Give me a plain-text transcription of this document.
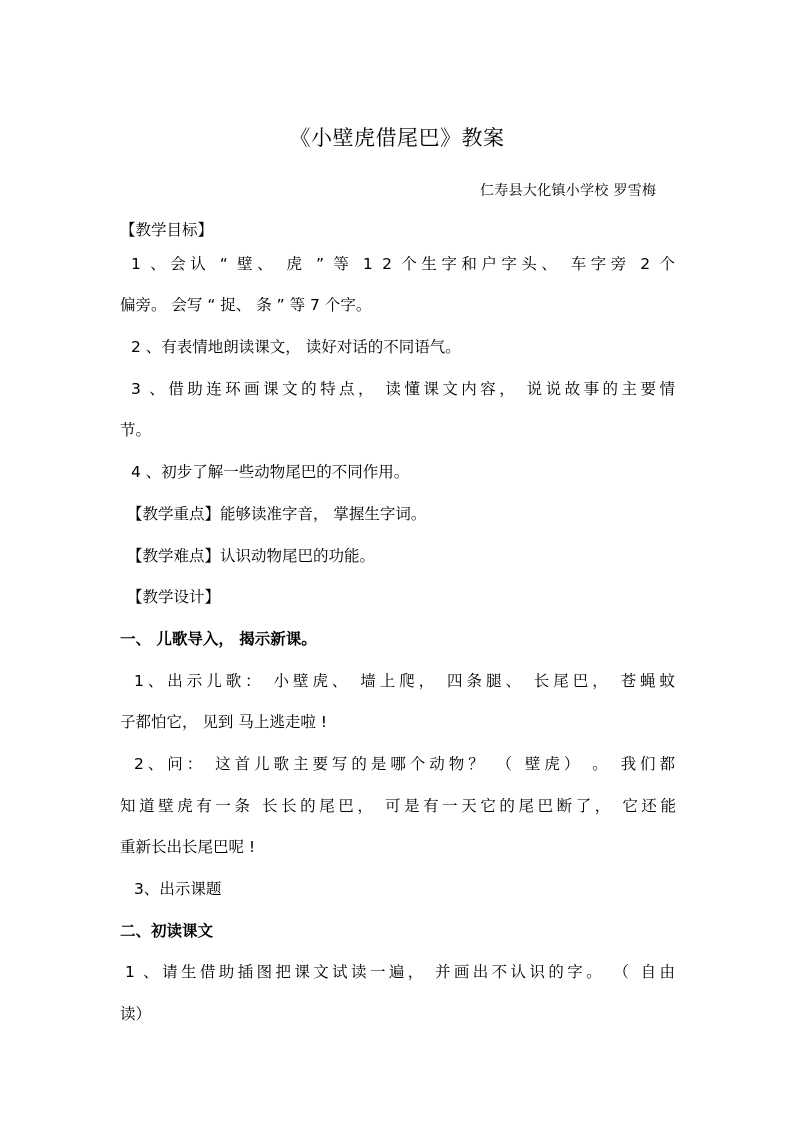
《小壁虎借尾巴》教案
仁寿县大化镇小学校 罗雪梅
【教学目标】
1 、会认 “ 壁、 虎 ” 等 1 2 个生字和户字头、 车字旁 2 个
偏旁。 会写 “ 捉、 条 ” 等 7 个字。
2 、有表情地朗读课文， 读好对话的不同语气。
3 、借助连环画课文的特点， 读懂课文内容， 说说故事的主要情
节。
4 、初步了解一些动物尾巴的不同作用。
【教学重点】能够读准字音， 掌握生字词。
【教学难点】认识动物尾巴的功能。
【教学设计】
一、 儿歌导入， 揭示新课。
1、出示儿歌： 小壁虎、 墙上爬， 四条腿、 长尾巴， 苍蝇蚊
子都怕它， 见到 马上逃走啦 !
2、问： 这首儿歌主要写的是哪个动物？ （ 壁虎） 。 我们都
知道壁虎有一条 长长的尾巴， 可是有一天它的尾巴断了， 它还能
重新长出长尾巴呢 !
3、出示课题
二、初读课文
1 、请生借助插图把课文试读一遍， 并画出不认识的字。 （ 自由
读）
